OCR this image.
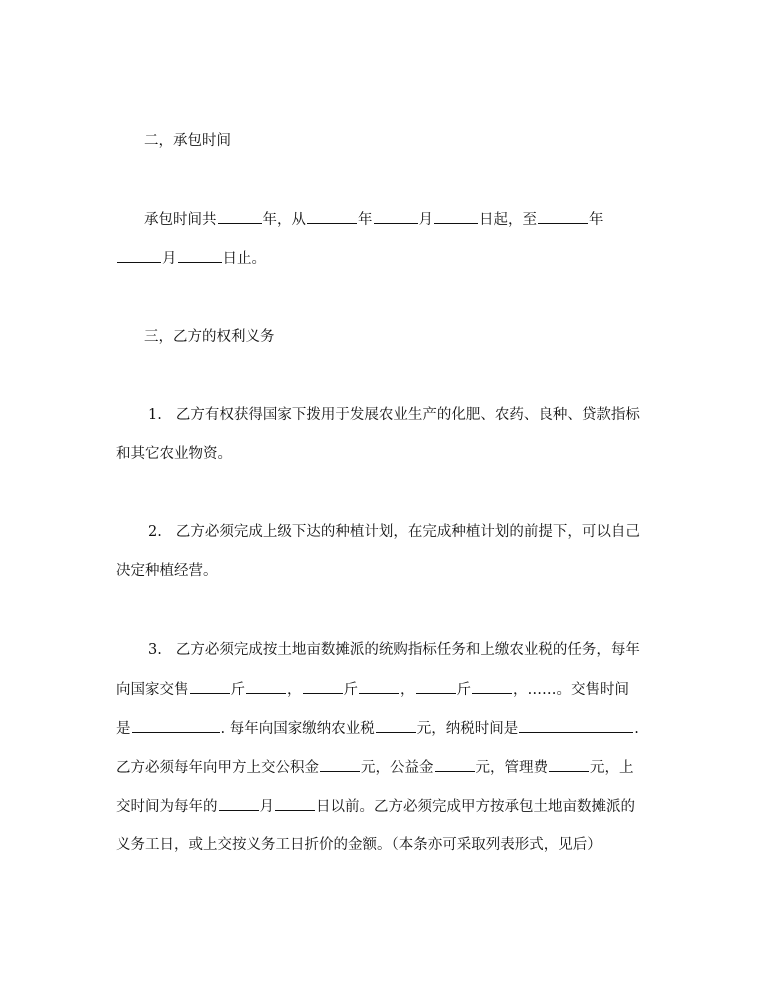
二，承包时间
承包时间共	年，从	年	月	日起，至	年
月	日止。
三，乙方的权利义务
1. 乙方有权获得国家下拨用于发展农业生产的化肥、农药、良种、贷款指标
和其它农业物资。
2. 乙方必须完成上级下达的种植计划，在完成种植计划的前提下，可以自己
决定种植经营。
3. 乙方必须完成按土地亩数摊派的统购指标任务和上缴农业税的任务，每年
向国家交售	斤	，	斤	，	斤	，……。交售时间
是	. 每年向国家缴纳农业税	元，纳税时间是	.
乙方必须每年向甲方上交公积金	元，公益金	元，管理费	元，上
交时间为每年的	月	日以前。乙方必须完成甲方按承包土地亩数摊派的
义务工日，或上交按义务工日折价的金额。（本条亦可采取列表形式，见后）
